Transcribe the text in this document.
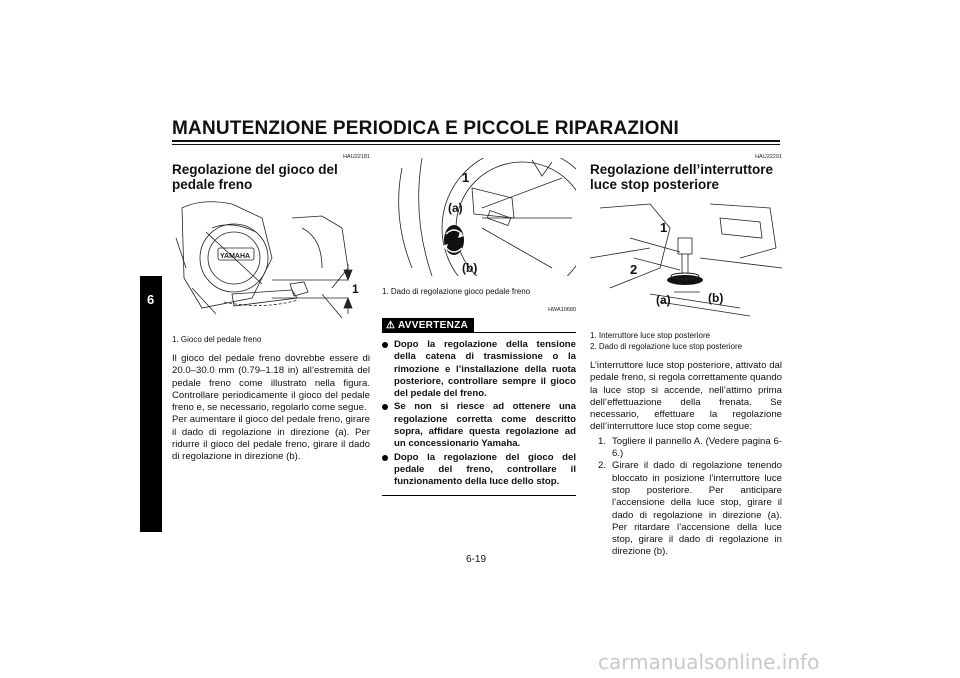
MANUTENZIONE PERIODICA E PICCOLE RIPARAZIONI
6
HAU22181
Regolazione del gioco del pedale freno
YAMAHA
1
1. Gioco del pedale freno

Il gioco del pedale freno dovrebbe essere di 20.0–30.0 mm (0.79–1.18 in) all’estremità del pedale freno come illustrato nella figura. Controllare periodicamente il gioco del pedale freno e, se necessario, regolarlo come segue.

Per aumentare il gioco del pedale freno, girare il dado di regolazione in direzione (a). Per ridurre il gioco del pedale freno, girare il dado di regolazione in direzione (b).

1
(a)
(b)
1. Dado di regolazione gioco pedale freno
HWA10680
⚠ AVVERTENZA
Dopo la regolazione della tensione della catena di trasmissione o la rimozione e l’installazione della ruota posteriore, controllare sempre il gioco del pedale del freno.
Se non si riesce ad ottenere una regolazione corretta come descritto sopra, affidare questa regolazione ad un concessionario Yamaha.
Dopo la regolazione del gioco del pedale del freno, controllare il funzionamento della luce dello stop.
HAU22291
Regolazione dell’interruttore luce stop posteriore
1
2
(a)	(b)
1. Interruttore luce stop posteriore
2. Dado di regolazione luce stop posteriore

L’interruttore luce stop posteriore, attivato dal pedale freno, si regola correttamente quando la luce stop si accende, nell’attimo prima dell’effettuazione della frenata. Se necessario, effettuare la regolazione dell’interruttore luce stop come segue:

1. Togliere il pannello A. (Vedere pagina 6-6.)
2. Girare il dado di regolazione tenendo bloccato in posizione l’interruttore luce stop posteriore. Per anticipare l’accensione della luce stop, girare il dado di regolazione in direzione (a). Per ritardare l’accensione della luce stop, girare il dado di regolazione in direzione (b).
6-19
carmanualsonline.info
